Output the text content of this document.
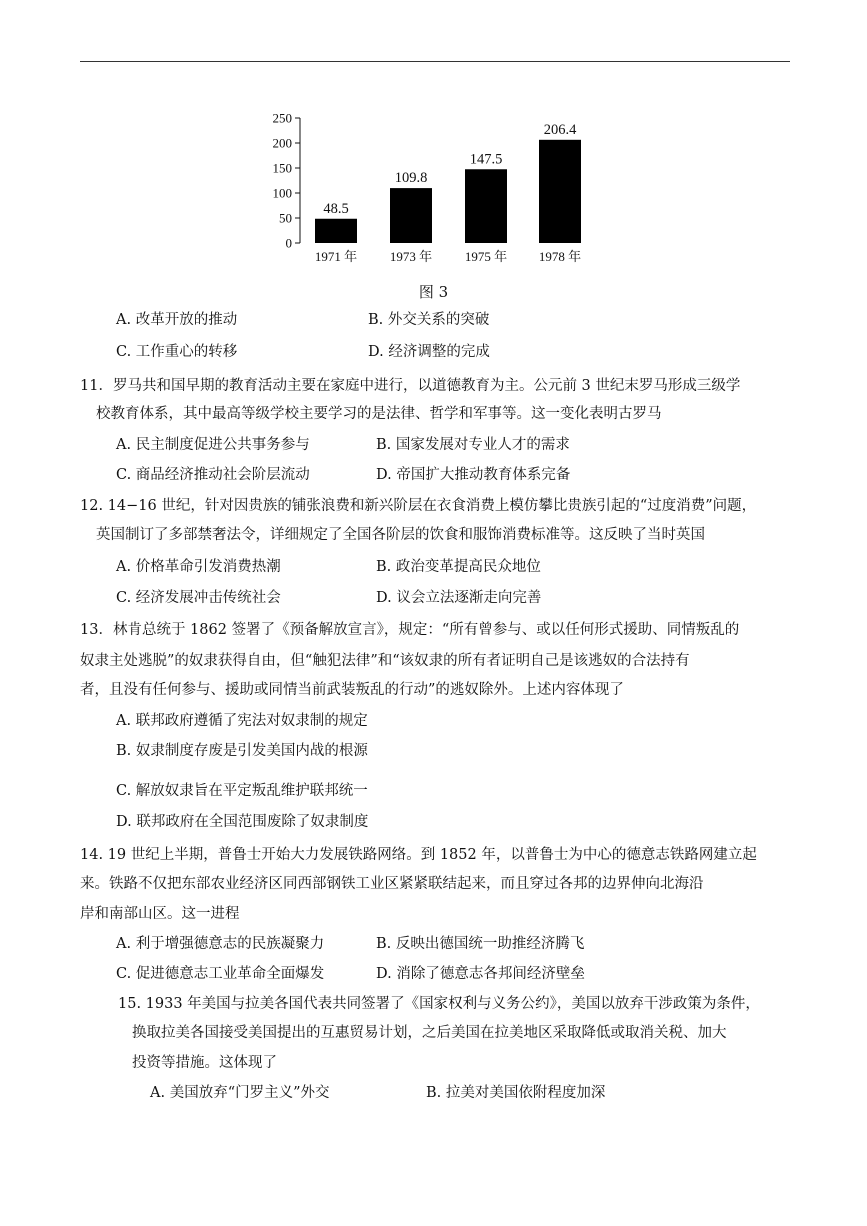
0
50
100
150
200
250
48.5
1971 年
109.8
1973 年
147.5
1975 年
206.4
1978 年
图 3
A. 改革开放的推动	B. 外交关系的突破
C. 工作重心的转移	D. 经济调整的完成
11．罗马共和国早期的教育活动主要在家庭中进行，以道德教育为主。公元前 3 世纪末罗马形成三级学
校教育体系，其中最高等级学校主要学习的是法律、哲学和军事等。这一变化表明古罗马
A. 民主制度促进公共事务参与	B. 国家发展对专业人才的需求
C. 商品经济推动社会阶层流动	D. 帝国扩大推动教育体系完备
12. 14−16 世纪，针对因贵族的铺张浪费和新兴阶层在衣食消费上模仿攀比贵族引起的“过度消费”问题，
英国制订了多部禁奢法令，详细规定了全国各阶层的饮食和服饰消费标准等。这反映了当时英国
A. 价格革命引发消费热潮	B. 政治变革提高民众地位
C. 经济发展冲击传统社会	D. 议会立法逐渐走向完善
13．林肯总统于 1862 签署了《预备解放宣言》，规定：“所有曾参与、或以任何形式援助、同情叛乱的
奴隶主处逃脱”的奴隶获得自由，但“触犯法律”和“该奴隶的所有者证明自己是该逃奴的合法持有
者，且没有任何参与、援助或同情当前武装叛乱的行动”的逃奴除外。上述内容体现了
A. 联邦政府遵循了宪法对奴隶制的规定
B. 奴隶制度存废是引发美国内战的根源
C. 解放奴隶旨在平定叛乱维护联邦统一
D. 联邦政府在全国范围废除了奴隶制度
14. 19 世纪上半期，普鲁士开始大力发展铁路网络。到 1852 年，以普鲁士为中心的德意志铁路网建立起
来。铁路不仅把东部农业经济区同西部钢铁工业区紧紧联结起来，而且穿过各邦的边界伸向北海沿
岸和南部山区。这一进程
A. 利于增强德意志的民族凝聚力	B. 反映出德国统一助推经济腾飞
C. 促进德意志工业革命全面爆发	D. 消除了德意志各邦间经济壁垒
15. 1933 年美国与拉美各国代表共同签署了《国家权利与义务公约》，美国以放弃干涉政策为条件，
换取拉美各国接受美国提出的互惠贸易计划，之后美国在拉美地区采取降低或取消关税、加大
投资等措施。这体现了
A. 美国放弃“门罗主义”外交	B. 拉美对美国依附程度加深
